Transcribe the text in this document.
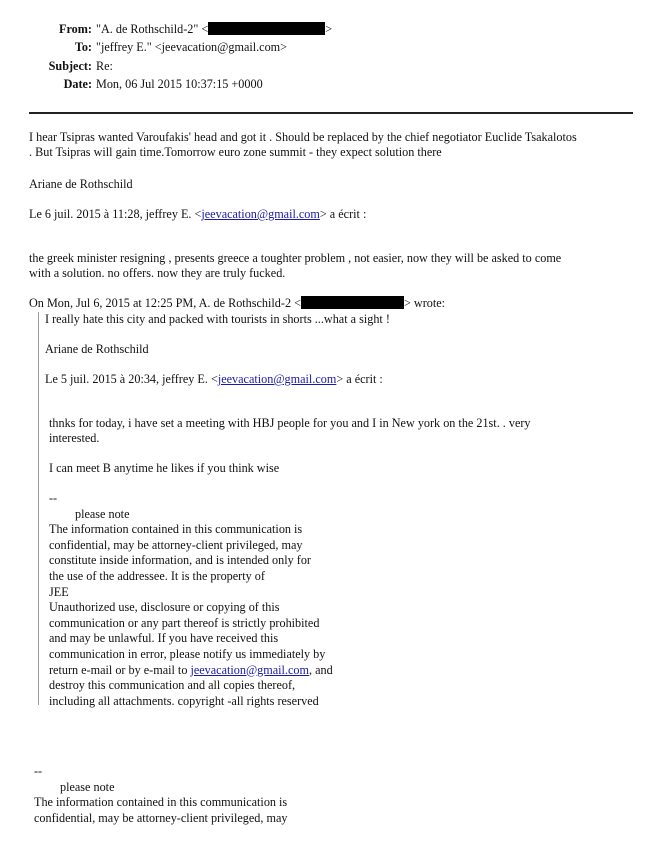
From: "A. de Rothschild-2" <	>
To: "jeffrey E." <jeevacation@gmail.com>
Subject: Re:
Date: Mon, 06 Jul 2015 10:37:15 +0000
I hear Tsipras wanted Varoufakis' head and got it . Should be replaced by the chief negotiator Euclide Tsakalotos
. But Tsipras will gain time.Tomorrow euro zone summit - they expect solution there
Ariane de Rothschild
Le 6 juil. 2015 à 11:28, jeffrey E. <jeevacation@gmail.com> a écrit :
the greek minister resigning , presents greece a toughter problem , not easier, now they will be asked to come
with a solution. no offers. now they are truly fucked.
On Mon, Jul 6, 2015 at 12:25 PM, A. de Rothschild-2 <	> wrote:
I really hate this city and packed with tourists in shorts ...what a sight !
Ariane de Rothschild
Le 5 juil. 2015 à 20:34, jeffrey E. <jeevacation@gmail.com> a écrit :
thnks for today, i have set a meeting with HBJ people for you and I in New york on the 21st. . very
interested.
I can meet B anytime he likes if you think wise
--
please note
The information contained in this communication is
confidential, may be attorney-client privileged, may
constitute inside information, and is intended only for
the use of the addressee. It is the property of
JEE
Unauthorized use, disclosure or copying of this
communication or any part thereof is strictly prohibited
and may be unlawful. If you have received this
communication in error, please notify us immediately by
return e-mail or by e-mail to jeevacation@gmail.com, and
destroy this communication and all copies thereof,
including all attachments. copyright -all rights reserved
--
please note
The information contained in this communication is
confidential, may be attorney-client privileged, may
